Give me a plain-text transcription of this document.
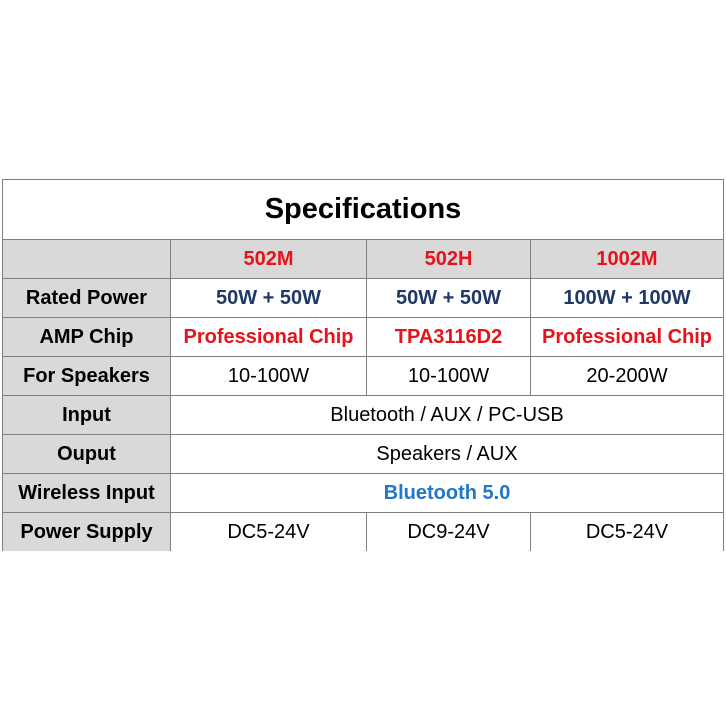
Specifications			
	502M	502H	1002M
Rated Power	50W + 50W	50W + 50W	100W + 100W
AMP Chip	Professional Chip	TPA3116D2	Professional Chip
For Speakers	10-100W	10-100W	20-200W
Input	Bluetooth / AUX / PC-USB		
Ouput	Speakers / AUX		
Wireless Input	Bluetooth 5.0		
Power Supply	DC5-24V	DC9-24V	DC5-24V
